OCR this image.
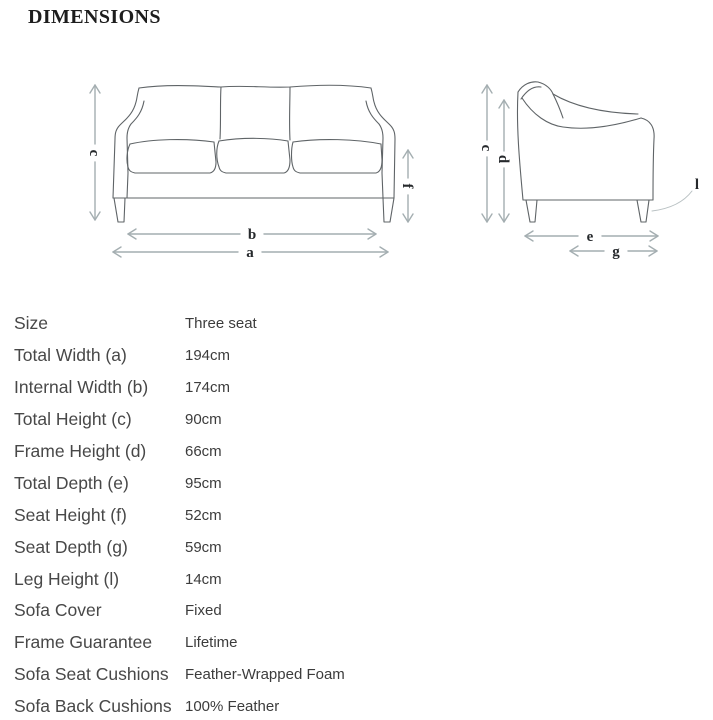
DIMENSIONS
c
f
b
a
c
d
e
g
l
Size	Three seat
Total Width (a)	194cm
Internal Width (b)	174cm
Total Height (c)	90cm
Frame Height (d)	66cm
Total Depth (e)	95cm
Seat Height (f)	52cm
Seat Depth (g)	59cm
Leg Height (l)	14cm
Sofa Cover	Fixed
Frame Guarantee	Lifetime
Sofa Seat Cushions	Feather-Wrapped Foam
Sofa Back Cushions 100% Feather
